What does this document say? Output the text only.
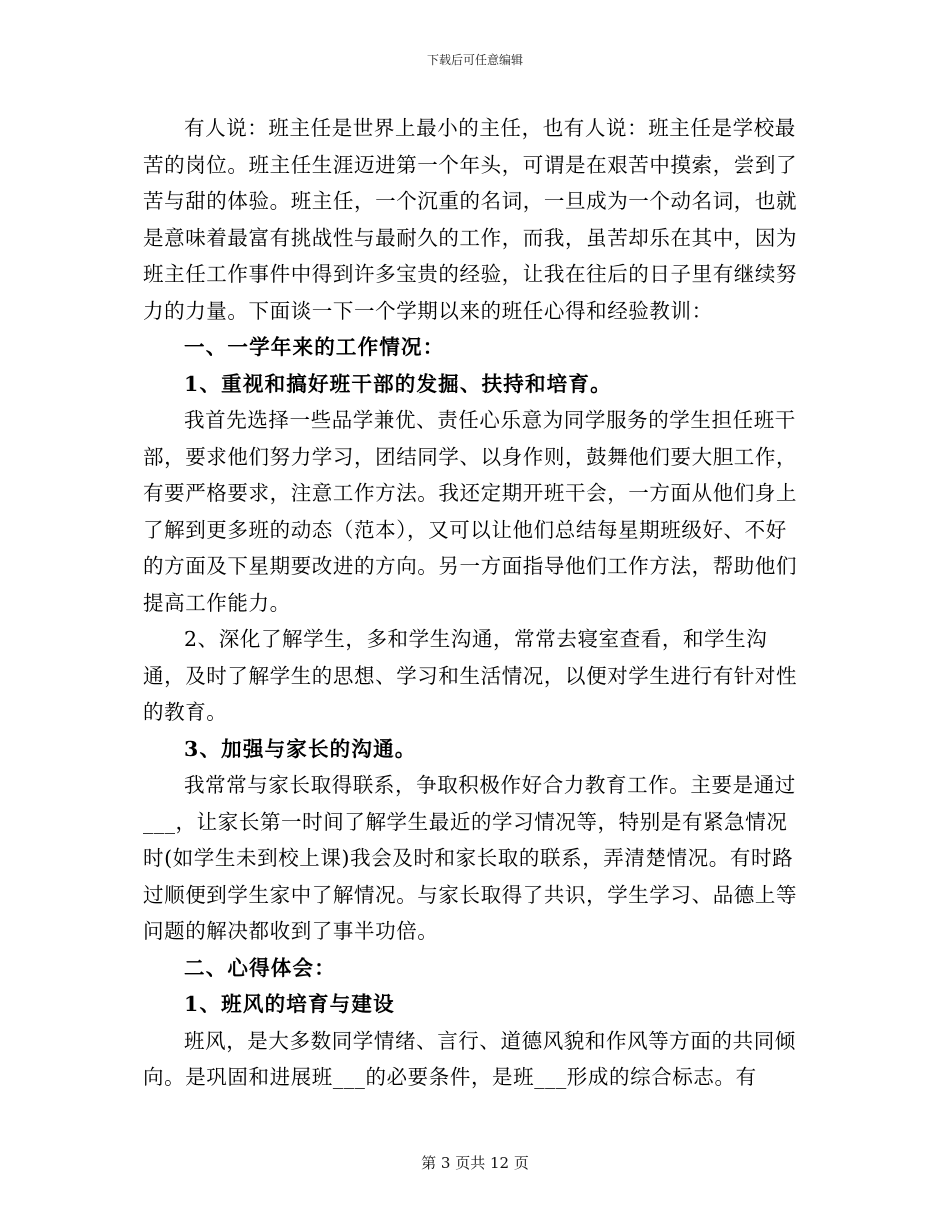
下载后可任意编辑

有人说：班主任是世界上最小的主任，也有人说：班主任是学校最苦的岗位。班主任生涯迈进第一个年头，可谓是在艰苦中摸索，尝到了苦与甜的体验。班主任，一个沉重的名词，一旦成为一个动名词，也就是意味着最富有挑战性与最耐久的工作，而我，虽苦却乐在其中，因为班主任工作事件中得到许多宝贵的经验，让我在往后的日子里有继续努力的力量。下面谈一下一个学期以来的班任心得和经验教训：

一、一学年来的工作情况：

1、重视和搞好班干部的发掘、扶持和培育。

我首先选择一些品学兼优、责任心乐意为同学服务的学生担任班干部，要求他们努力学习，团结同学、以身作则，鼓舞他们要大胆工作，有要严格要求，注意工作方法。我还定期开班干会，一方面从他们身上了解到更多班的动态（范本），又可以让他们总结每星期班级好、不好的方面及下星期要改进的方向。另一方面指导他们工作方法，帮助他们提高工作能力。

2、深化了解学生，多和学生沟通，常常去寝室查看，和学生沟通，及时了解学生的思想、学习和生活情况，以便对学生进行有针对性的教育。

3、加强与家长的沟通。

我常常与家长取得联系，争取积极作好合力教育工作。主要是通过___，让家长第一时间了解学生最近的学习情况等，特别是有紧急情况时(如学生未到校上课)我会及时和家长取的联系，弄清楚情况。有时路过顺便到学生家中了解情况。与家长取得了共识，学生学习、品德上等问题的解决都收到了事半功倍。

二、心得体会：

1、班风的培育与建设

班风，是大多数同学情绪、言行、道德风貌和作风等方面的共同倾向。是巩固和进展班___的必要条件，是班___形成的综合标志。有

第 3 页共 12 页
